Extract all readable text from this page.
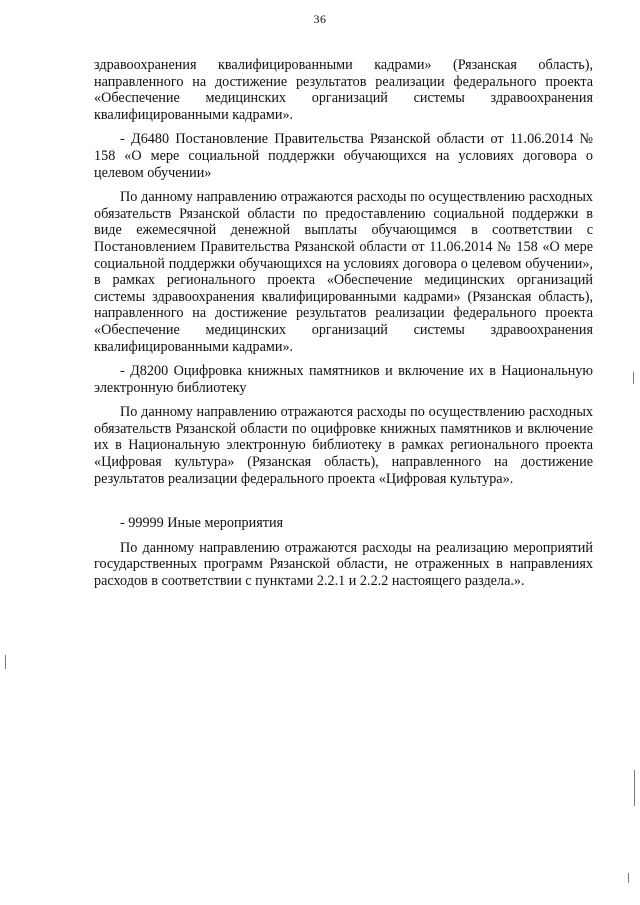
36

здравоохранения квалифицированными кадрами» (Рязанская область), направленного на достижение результатов реализации федерального проекта «Обеспечение медицинских организаций системы здравоохранения квалифицированными кадрами».

- Д6480 Постановление Правительства Рязанской области от 11.06.2014 № 158 «О мере социальной поддержки обучающихся на условиях договора о целевом обучении»

По данному направлению отражаются расходы по осуществлению расходных обязательств Рязанской области по предоставлению социальной поддержки в виде ежемесячной денежной выплаты обучающимся в соответствии с Постановлением Правительства Рязанской области от 11.06.2014 № 158 «О мере социальной поддержки обучающихся на условиях договора о целевом обучении», в рамках регионального проекта «Обеспечение медицинских организаций системы здравоохранения квалифицированными кадрами» (Рязанская область), направленного на достижение результатов реализации федерального проекта «Обеспечение медицинских организаций системы здравоохранения квалифицированными кадрами».

- Д8200 Оцифровка книжных памятников и включение их в Национальную электронную библиотеку

По данному направлению отражаются расходы по осуществлению расходных обязательств Рязанской области по оцифровке книжных памятников и включение их в Национальную электронную библиотеку в рамках регионального проекта «Цифровая культура» (Рязанская область), направленного на достижение результатов реализации федерального проекта «Цифровая культура».

- 99999 Иные мероприятия

По данному направлению отражаются расходы на реализацию мероприятий государственных программ Рязанской области, не отраженных в направлениях расходов в соответствии с пунктами 2.2.1 и 2.2.2 настоящего раздела.».
